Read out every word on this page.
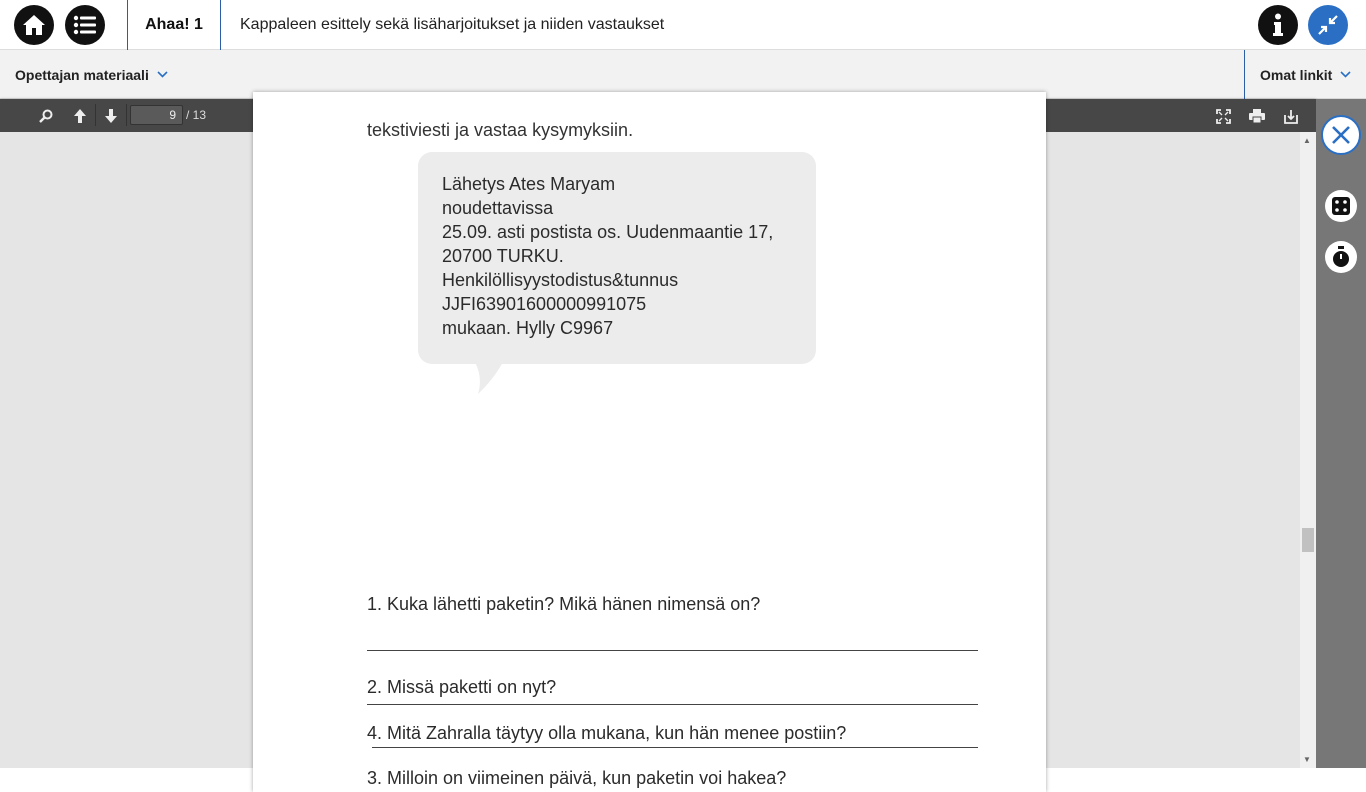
Ahaa! 1	Kappaleen esittely sekä lisäharjoitukset ja niiden vastaukset
Opettajan materiaali	Omat linkit
9 / 13

tekstiviesti ja vastaa kysymyksiin.
Lähetys Ates Maryam
noudettavissa
25.09. asti postista os. Uudenmaantie 17,
20700 TURKU.
Henkilöllisyystodistus&tunnus
JJFI63901600000991075
mukaan. Hylly C9967
1. Kuka lähetti paketin? Mikä hänen nimensä on?
2. Missä paketti on nyt?
3. Milloin on viimeinen päivä, kun paketin voi hakea?
4. Mitä Zahralla täytyy olla mukana, kun hän menee postiin?
▲
▼
